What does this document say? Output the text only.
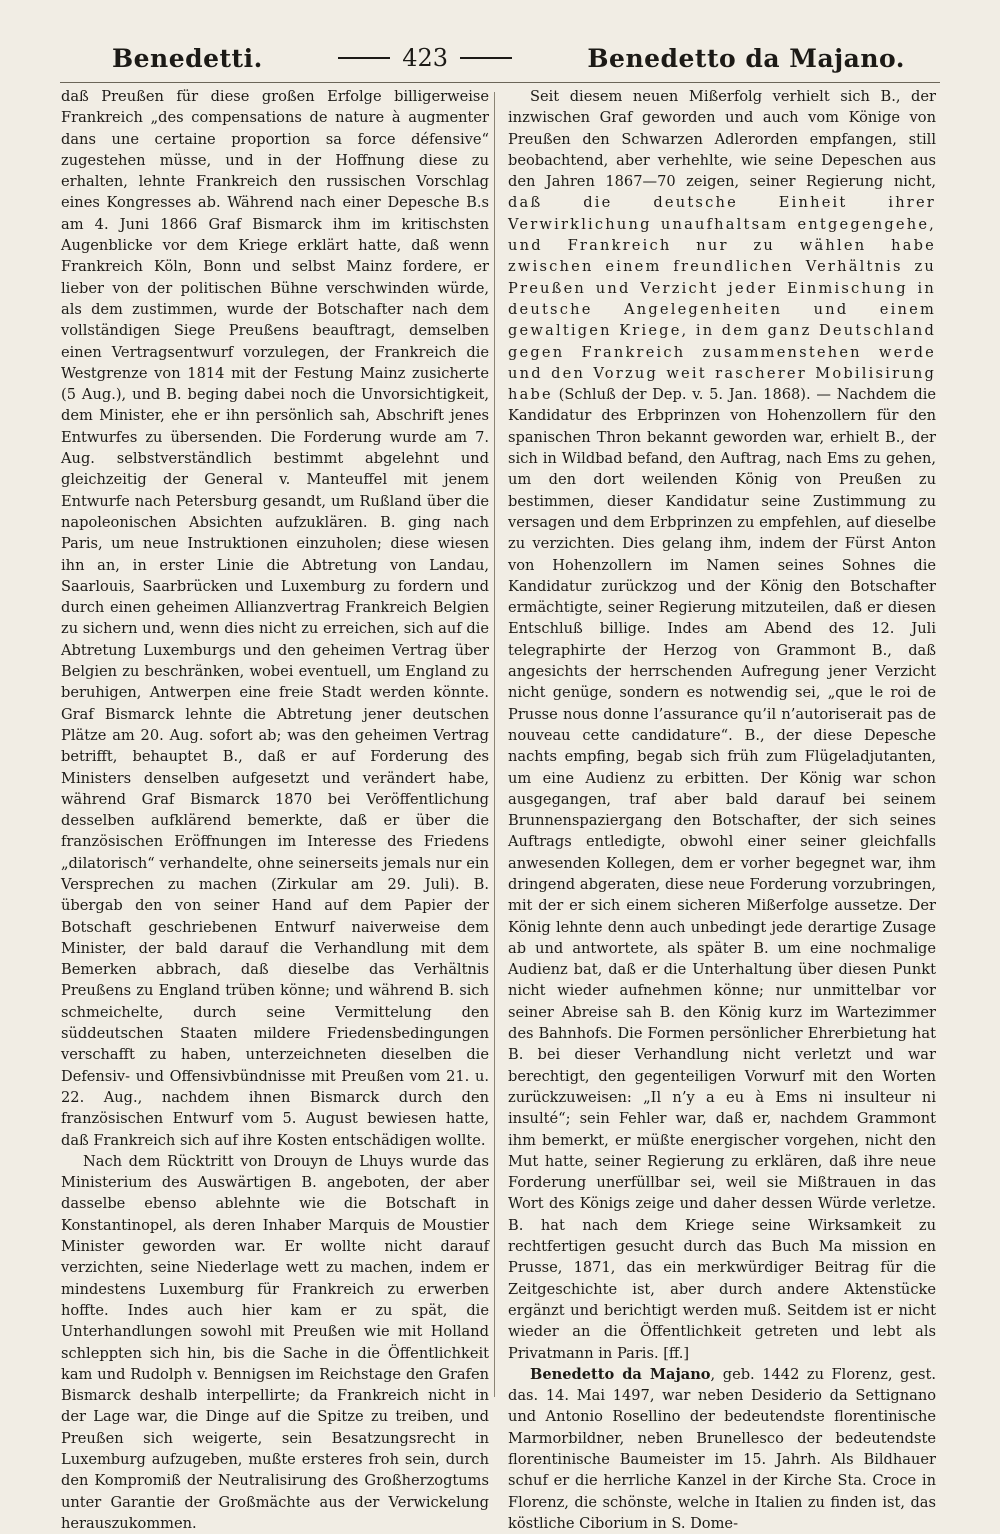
Benedetti.	423	Benedetto da Majano.

daß Preußen für diese großen Erfolge billigerweise Frankreich „des compensations de nature à augmenter dans une certaine proportion sa force défensive“ zugestehen müsse, und in der Hoffnung diese zu erhalten, lehnte Frankreich den russischen Vorschlag eines Kongresses ab. Während nach einer Depesche B.s am 4. Juni 1866 Graf Bismarck ihm im kritischsten Augenblicke vor dem Kriege erklärt hatte, daß wenn Frankreich Köln, Bonn und selbst Mainz fordere, er lieber von der politischen Bühne verschwinden würde, als dem zustimmen, wurde der Botschafter nach dem vollständigen Siege Preußens beauftragt, demselben einen Vertragsentwurf vorzulegen, der Frankreich die Westgrenze von 1814 mit der Festung Mainz zusicherte (5 Aug.), und B. beging dabei noch die Unvorsichtigkeit, dem Minister, ehe er ihn persönlich sah, Abschrift jenes Entwurfes zu übersenden. Die Forderung wurde am 7. Aug. selbstverständlich bestimmt abgelehnt und gleichzeitig der General v. Manteuffel mit jenem Entwurfe nach Petersburg gesandt, um Rußland über die napoleonischen Absichten aufzuklären. B. ging nach Paris, um neue Instruktionen einzuholen; diese wiesen ihn an, in erster Linie die Abtretung von Landau, Saarlouis, Saarbrücken und Luxemburg zu fordern und durch einen geheimen Allianzvertrag Frankreich Belgien zu sichern und, wenn dies nicht zu erreichen, sich auf die Abtretung Luxemburgs und den geheimen Vertrag über Belgien zu beschränken, wobei eventuell, um England zu beruhigen, Antwerpen eine freie Stadt werden könnte. Graf Bismarck lehnte die Abtretung jener deutschen Plätze am 20. Aug. sofort ab; was den geheimen Vertrag betrifft, behauptet B., daß er auf Forderung des Ministers denselben aufgesetzt und verändert habe, während Graf Bismarck 1870 bei Veröffentlichung desselben aufklärend bemerkte, daß er über die französischen Eröffnungen im Interesse des Friedens „dilatorisch“ verhandelte, ohne seinerseits jemals nur ein Versprechen zu machen (Zirkular am 29. Juli). B. übergab den von seiner Hand auf dem Papier der Botschaft geschriebenen Entwurf naiverweise dem Minister, der bald darauf die Verhandlung mit dem Bemerken abbrach, daß dieselbe das Verhältnis Preußens zu England trüben könne; und während B. sich schmeichelte, durch seine Vermittelung den süddeutschen Staaten mildere Friedensbedingungen verschafft zu haben, unterzeichneten dieselben die Defensiv- und Offensivbündnisse mit Preußen vom 21. u. 22. Aug., nachdem ihnen Bismarck durch den französischen Entwurf vom 5. August bewiesen hatte, daß Frankreich sich auf ihre Kosten entschädigen wollte.

Nach dem Rücktritt von Drouyn de Lhuys wurde das Ministerium des Auswärtigen B. angeboten, der aber dasselbe ebenso ablehnte wie die Botschaft in Konstantinopel, als deren Inhaber Marquis de Moustier Minister geworden war. Er wollte nicht darauf verzichten, seine Niederlage wett zu machen, indem er mindestens Luxemburg für Frankreich zu erwerben hoffte. Indes auch hier kam er zu spät, die Unterhandlungen sowohl mit Preußen wie mit Holland schleppten sich hin, bis die Sache in die Öffentlichkeit kam und Rudolph v. Bennigsen im Reichstage den Grafen Bismarck deshalb interpellirte; da Frankreich nicht in der Lage war, die Dinge auf die Spitze zu treiben, und Preußen sich weigerte, sein Besatzungsrecht in Luxemburg aufzugeben, mußte ersteres froh sein, durch den Kompromiß der Neutralisirung des Großherzogtums unter Garantie der Großmächte aus der Verwickelung herauszukommen.

Seit diesem neuen Mißerfolg verhielt sich B., der inzwischen Graf geworden und auch vom Könige von Preußen den Schwarzen Adlerorden empfangen, still beobachtend, aber verhehlte, wie seine Depeschen aus den Jahren 1867—70 zeigen, seiner Regierung nicht, daß die deutsche Einheit ihrer Verwirklichung unaufhaltsam entgegengehe, und Frankreich nur zu wählen habe zwischen einem freundlichen Verhältnis zu Preußen und Verzicht jeder Einmischung in deutsche Angelegenheiten und einem gewaltigen Kriege, in dem ganz Deutschland gegen Frankreich zusammenstehen werde und den Vorzug weit rascherer Mobilisirung habe (Schluß der Dep. v. 5. Jan. 1868). — Nachdem die Kandidatur des Erbprinzen von Hohenzollern für den spanischen Thron bekannt geworden war, erhielt B., der sich in Wildbad befand, den Auftrag, nach Ems zu gehen, um den dort weilenden König von Preußen zu bestimmen, dieser Kandidatur seine Zustimmung zu versagen und dem Erbprinzen zu empfehlen, auf dieselbe zu verzichten. Dies gelang ihm, indem der Fürst Anton von Hohenzollern im Namen seines Sohnes die Kandidatur zurückzog und der König den Botschafter ermächtigte, seiner Regierung mitzuteilen, daß er diesen Entschluß billige. Indes am Abend des 12. Juli telegraphirte der Herzog von Grammont B., daß angesichts der herrschenden Aufregung jener Verzicht nicht genüge, sondern es notwendig sei, „que le roi de Prusse nous donne l’assurance qu’il n’autoriserait pas de nouveau cette candidature“. B., der diese Depesche nachts empfing, begab sich früh zum Flügeladjutanten, um eine Audienz zu erbitten. Der König war schon ausgegangen, traf aber bald darauf bei seinem Brunnenspaziergang den Botschafter, der sich seines Auftrags entledigte, obwohl einer seiner gleichfalls anwesenden Kollegen, dem er vorher begegnet war, ihm dringend abgeraten, diese neue Forderung vorzubringen, mit der er sich einem sicheren Mißerfolge aussetze. Der König lehnte denn auch unbedingt jede derartige Zusage ab und antwortete, als später B. um eine nochmalige Audienz bat, daß er die Unterhaltung über diesen Punkt nicht wieder aufnehmen könne; nur unmittelbar vor seiner Abreise sah B. den König kurz im Wartezimmer des Bahnhofs. Die Formen persönlicher Ehrerbietung hat B. bei dieser Verhandlung nicht verletzt und war berechtigt, den gegenteiligen Vorwurf mit den Worten zurückzuweisen: „Il n’y a eu à Ems ni insulteur ni insulté“; sein Fehler war, daß er, nachdem Grammont ihm bemerkt, er müßte energischer vorgehen, nicht den Mut hatte, seiner Regierung zu erklären, daß ihre neue Forderung unerfüllbar sei, weil sie Mißtrauen in das Wort des Königs zeige und daher dessen Würde verletze. B. hat nach dem Kriege seine Wirksamkeit zu rechtfertigen gesucht durch das Buch Ma mission en Prusse, 1871, das ein merkwürdiger Beitrag für die Zeitgeschichte ist, aber durch andere Aktenstücke ergänzt und berichtigt werden muß. Seitdem ist er nicht wieder an die Öffentlichkeit getreten und lebt als Privatmann in Paris. [ff.]

Benedetto da Majano, geb. 1442 zu Florenz, gest. das. 14. Mai 1497, war neben Desiderio da Settignano und Antonio Rosellino der bedeutendste florentinische Marmorbildner, neben Brunellesco der bedeutendste florentinische Baumeister im 15. Jahrh. Als Bildhauer schuf er die herrliche Kanzel in der Kirche Sta. Croce in Florenz, die schönste, welche in Italien zu finden ist, das köstliche Ciborium in S. Dome-
